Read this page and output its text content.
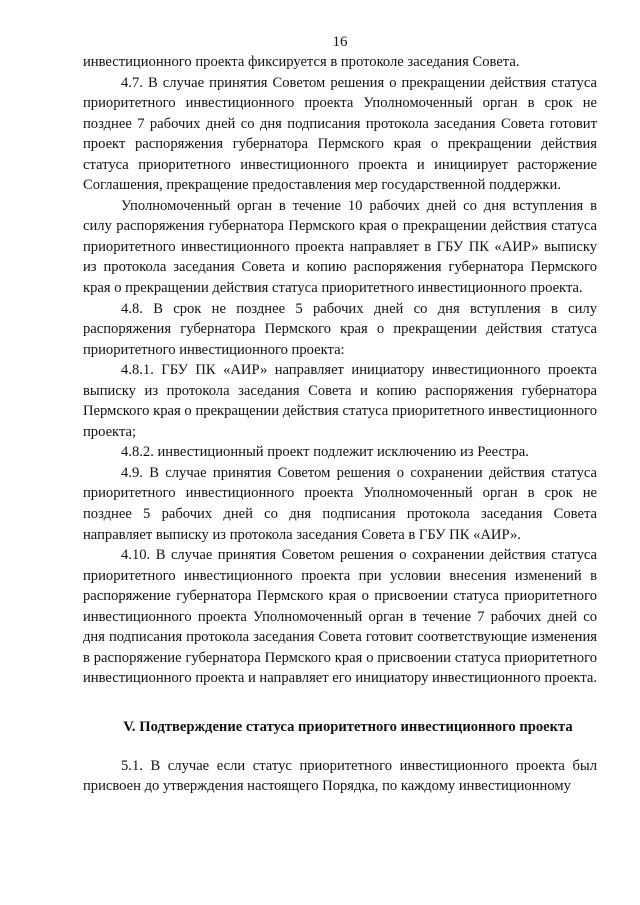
16

инвестиционного проекта фиксируется в протоколе заседания Совета.

4.7. В случае принятия Советом решения о прекращении действия статуса приоритетного инвестиционного проекта Уполномоченный орган в срок не позднее 7 рабочих дней со дня подписания протокола заседания Совета готовит проект распоряжения губернатора Пермского края о прекращении действия статуса приоритетного инвестиционного проекта и инициирует расторжение Соглашения, прекращение предоставления мер государственной поддержки.

Уполномоченный орган в течение 10 рабочих дней со дня вступления в силу распоряжения губернатора Пермского края о прекращении действия статуса приоритетного инвестиционного проекта направляет в ГБУ ПК «АИР» выписку из протокола заседания Совета и копию распоряжения губернатора Пермского края о прекращении действия статуса приоритетного инвестиционного проекта.

4.8. В срок не позднее 5 рабочих дней со дня вступления в силу распоряжения губернатора Пермского края о прекращении действия статуса приоритетного инвестиционного проекта:

4.8.1. ГБУ ПК «АИР» направляет инициатору инвестиционного проекта выписку из протокола заседания Совета и копию распоряжения губернатора Пермского края о прекращении действия статуса приоритетного инвестиционного проекта;

4.8.2. инвестиционный проект подлежит исключению из Реестра.

4.9. В случае принятия Советом решения о сохранении действия статуса приоритетного инвестиционного проекта Уполномоченный орган в срок не позднее 5 рабочих дней со дня подписания протокола заседания Совета направляет выписку из протокола заседания Совета в ГБУ ПК «АИР».

4.10. В случае принятия Советом решения о сохранении действия статуса приоритетного инвестиционного проекта при условии внесения изменений в распоряжение губернатора Пермского края о присвоении статуса приоритетного инвестиционного проекта Уполномоченный орган в течение 7 рабочих дней со дня подписания протокола заседания Совета готовит соответствующие изменения в распоряжение губернатора Пермского края о присвоении статуса приоритетного инвестиционного проекта и направляет его инициатору инвестиционного проекта.

V. Подтверждение статуса приоритетного инвестиционного проекта

5.1. В случае если статус приоритетного инвестиционного проекта был присвоен до утверждения настоящего Порядка, по каждому инвестиционному
